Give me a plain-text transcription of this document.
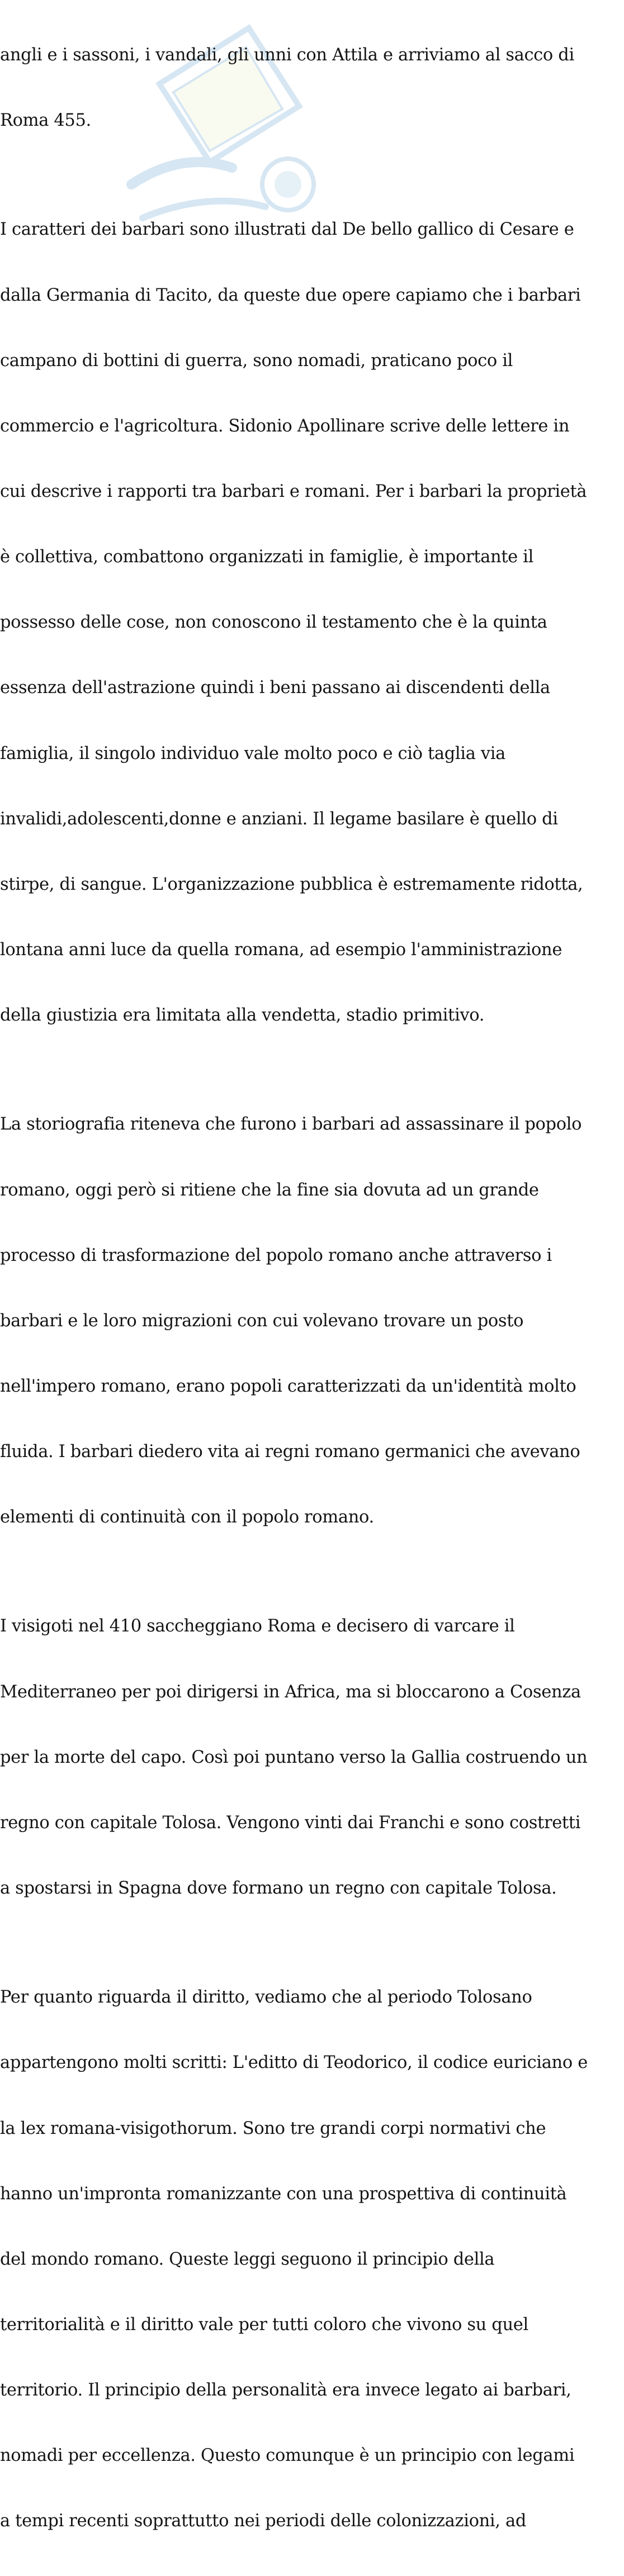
angli e i sassoni, i vandali, gli unni con Attila e arriviamo al sacco di

Roma 455.

I caratteri dei barbari sono illustrati dal De bello gallico di Cesare e

dalla Germania di Tacito, da queste due opere capiamo che i barbari

campano di bottini di guerra, sono nomadi, praticano poco il

commercio e l'agricoltura. Sidonio Apollinare scrive delle lettere in

cui descrive i rapporti tra barbari e romani. Per i barbari la proprietà

è collettiva, combattono organizzati in famiglie, è importante il

possesso delle cose, non conoscono il testamento che è la quinta

essenza dell'astrazione quindi i beni passano ai discendenti della

famiglia, il singolo individuo vale molto poco e ciò taglia via

invalidi,adolescenti,donne e anziani. Il legame basilare è quello di

stirpe, di sangue. L'organizzazione pubblica è estremamente ridotta,

lontana anni luce da quella romana, ad esempio l'amministrazione

della giustizia era limitata alla vendetta, stadio primitivo.

La storiografia riteneva che furono i barbari ad assassinare il popolo

romano, oggi però si ritiene che la fine sia dovuta ad un grande

processo di trasformazione del popolo romano anche attraverso i

barbari e le loro migrazioni con cui volevano trovare un posto

nell'impero romano, erano popoli caratterizzati da un'identità molto

fluida. I barbari diedero vita ai regni romano germanici che avevano

elementi di continuità con il popolo romano.

I visigoti nel 410 saccheggiano Roma e decisero di varcare il

Mediterraneo per poi dirigersi in Africa, ma si bloccarono a Cosenza

per la morte del capo. Così poi puntano verso la Gallia costruendo un

regno con capitale Tolosa. Vengono vinti dai Franchi e sono costretti

a spostarsi in Spagna dove formano un regno con capitale Tolosa.

Per quanto riguarda il diritto, vediamo che al periodo Tolosano

appartengono molti scritti: L'editto di Teodorico, il codice euriciano e

la lex romana-visigothorum. Sono tre grandi corpi normativi che

hanno un'impronta romanizzante con una prospettiva di continuità

del mondo romano. Queste leggi seguono il principio della

territorialità e il diritto vale per tutti coloro che vivono su quel

territorio. Il principio della personalità era invece legato ai barbari,

nomadi per eccellenza. Questo comunque è un principio con legami

a tempi recenti soprattutto nei periodi delle colonizzazioni, ad
